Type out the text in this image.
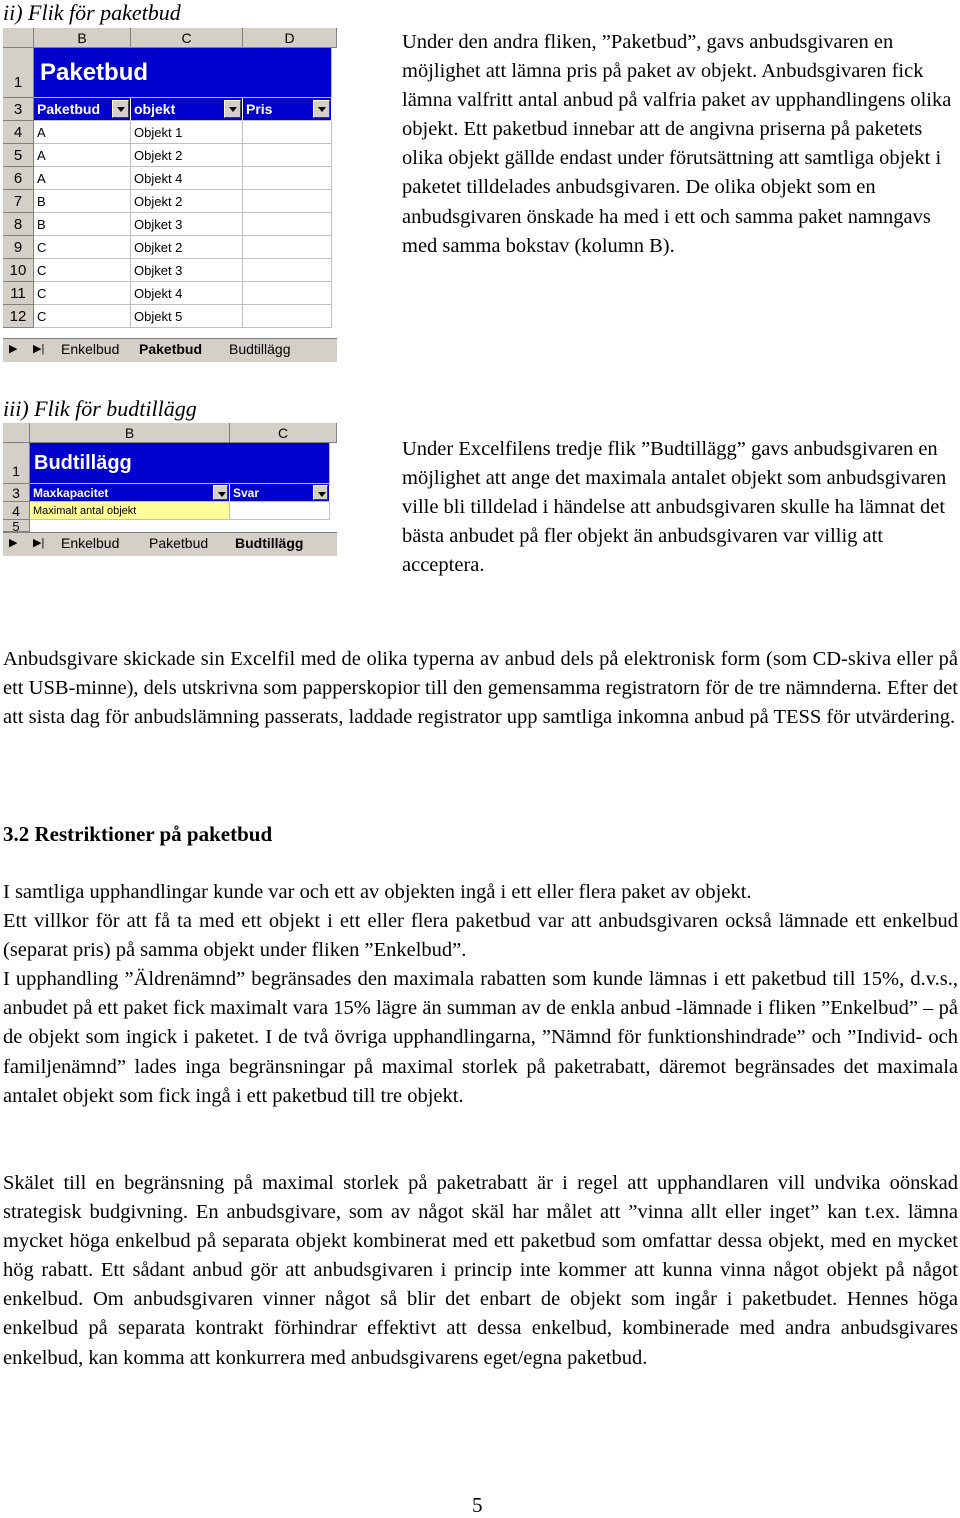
ii) Flik för paketbud
B	C	D
1 Paketbud
3	Paketbud	objekt	Pris
4	A	Objekt 1
5	A	Objekt 2
6	A	Objekt 4
7	B	Objekt 2
8	B	Objket 3
9	C	Objket 2
10 C	Objket 3
11 C	Objekt 4
12 C	Objekt 5
▶ ▶| Enkelbud Paketbud Budtillägg
Under den andra fliken, ”Paketbud”, gavs anbudsgivaren en möjlighet att lämna pris på paket av objekt. Anbudsgivaren fick lämna valfritt antal anbud på valfria paket av upphandlingens olika objekt. Ett paketbud innebar att de angivna priserna på paketets olika objekt gällde endast under förutsättning att samtliga objekt i paketet tilldelades anbudsgivaren. De olika objekt som en anbudsgivaren önskade ha med i ett och samma paket namngavs med samma bokstav (kolumn B).
iii) Flik för budtillägg
B	C
1 Budtillägg
3	Maxkapacitet	Svar
4	Maximalt antal objekt
5
▶ ▶| Enkelbud Paketbud Budtillägg
Under Excelfilens tredje flik ”Budtillägg” gavs anbudsgivaren en möjlighet att ange det maximala antalet objekt som anbudsgivaren ville bli tilldelad i händelse att anbudsgivaren skulle ha lämnat det bästa anbudet på fler objekt än anbudsgivaren var villig att acceptera.
Anbudsgivare skickade sin Excelfil med de olika typerna av anbud dels på elektronisk form (som CD-skiva eller på ett USB-minne), dels utskrivna som papperskopior till den gemensamma registratorn för de tre nämnderna. Efter det att sista dag för anbudslämning passerats, laddade registrator upp samtliga inkomna anbud på TESS för utvärdering.
3.2 Restriktioner på paketbud

I samtliga upphandlingar kunde var och ett av objekten ingå i ett eller flera paket av objekt.

Ett villkor för att få ta med ett objekt i ett eller flera paketbud var att anbudsgivaren också lämnade ett enkelbud (separat pris) på samma objekt under fliken ”Enkelbud”.

I upphandling ”Äldrenämnd” begränsades den maximala rabatten som kunde lämnas i ett paketbud till 15%, d.v.s., anbudet på ett paket fick maximalt vara 15% lägre än summan av de enkla anbud -lämnade i fliken ”Enkelbud” – på de objekt som ingick i paketet. I de två övriga upphandlingarna, ”Nämnd för funktionshindrade” och ”Individ- och familjenämnd” lades inga begränsningar på maximal storlek på paketrabatt, däremot begränsades det maximala antalet objekt som fick ingå i ett paketbud till tre objekt.

Skälet till en begränsning på maximal storlek på paketrabatt är i regel att upphandlaren vill undvika oönskad strategisk budgivning. En anbudsgivare, som av något skäl har målet att ”vinna allt eller inget” kan t.ex. lämna mycket höga enkelbud på separata objekt kombinerat med ett paketbud som omfattar dessa objekt, med en mycket hög rabatt. Ett sådant anbud gör att anbudsgivaren i princip inte kommer att kunna vinna något objekt på något enkelbud. Om anbudsgivaren vinner något så blir det enbart de objekt som ingår i paketbudet. Hennes höga enkelbud på separata kontrakt förhindrar effektivt att dessa enkelbud, kombinerade med andra anbudsgivares enkelbud, kan komma att konkurrera med anbudsgivarens eget/egna paketbud.
5
